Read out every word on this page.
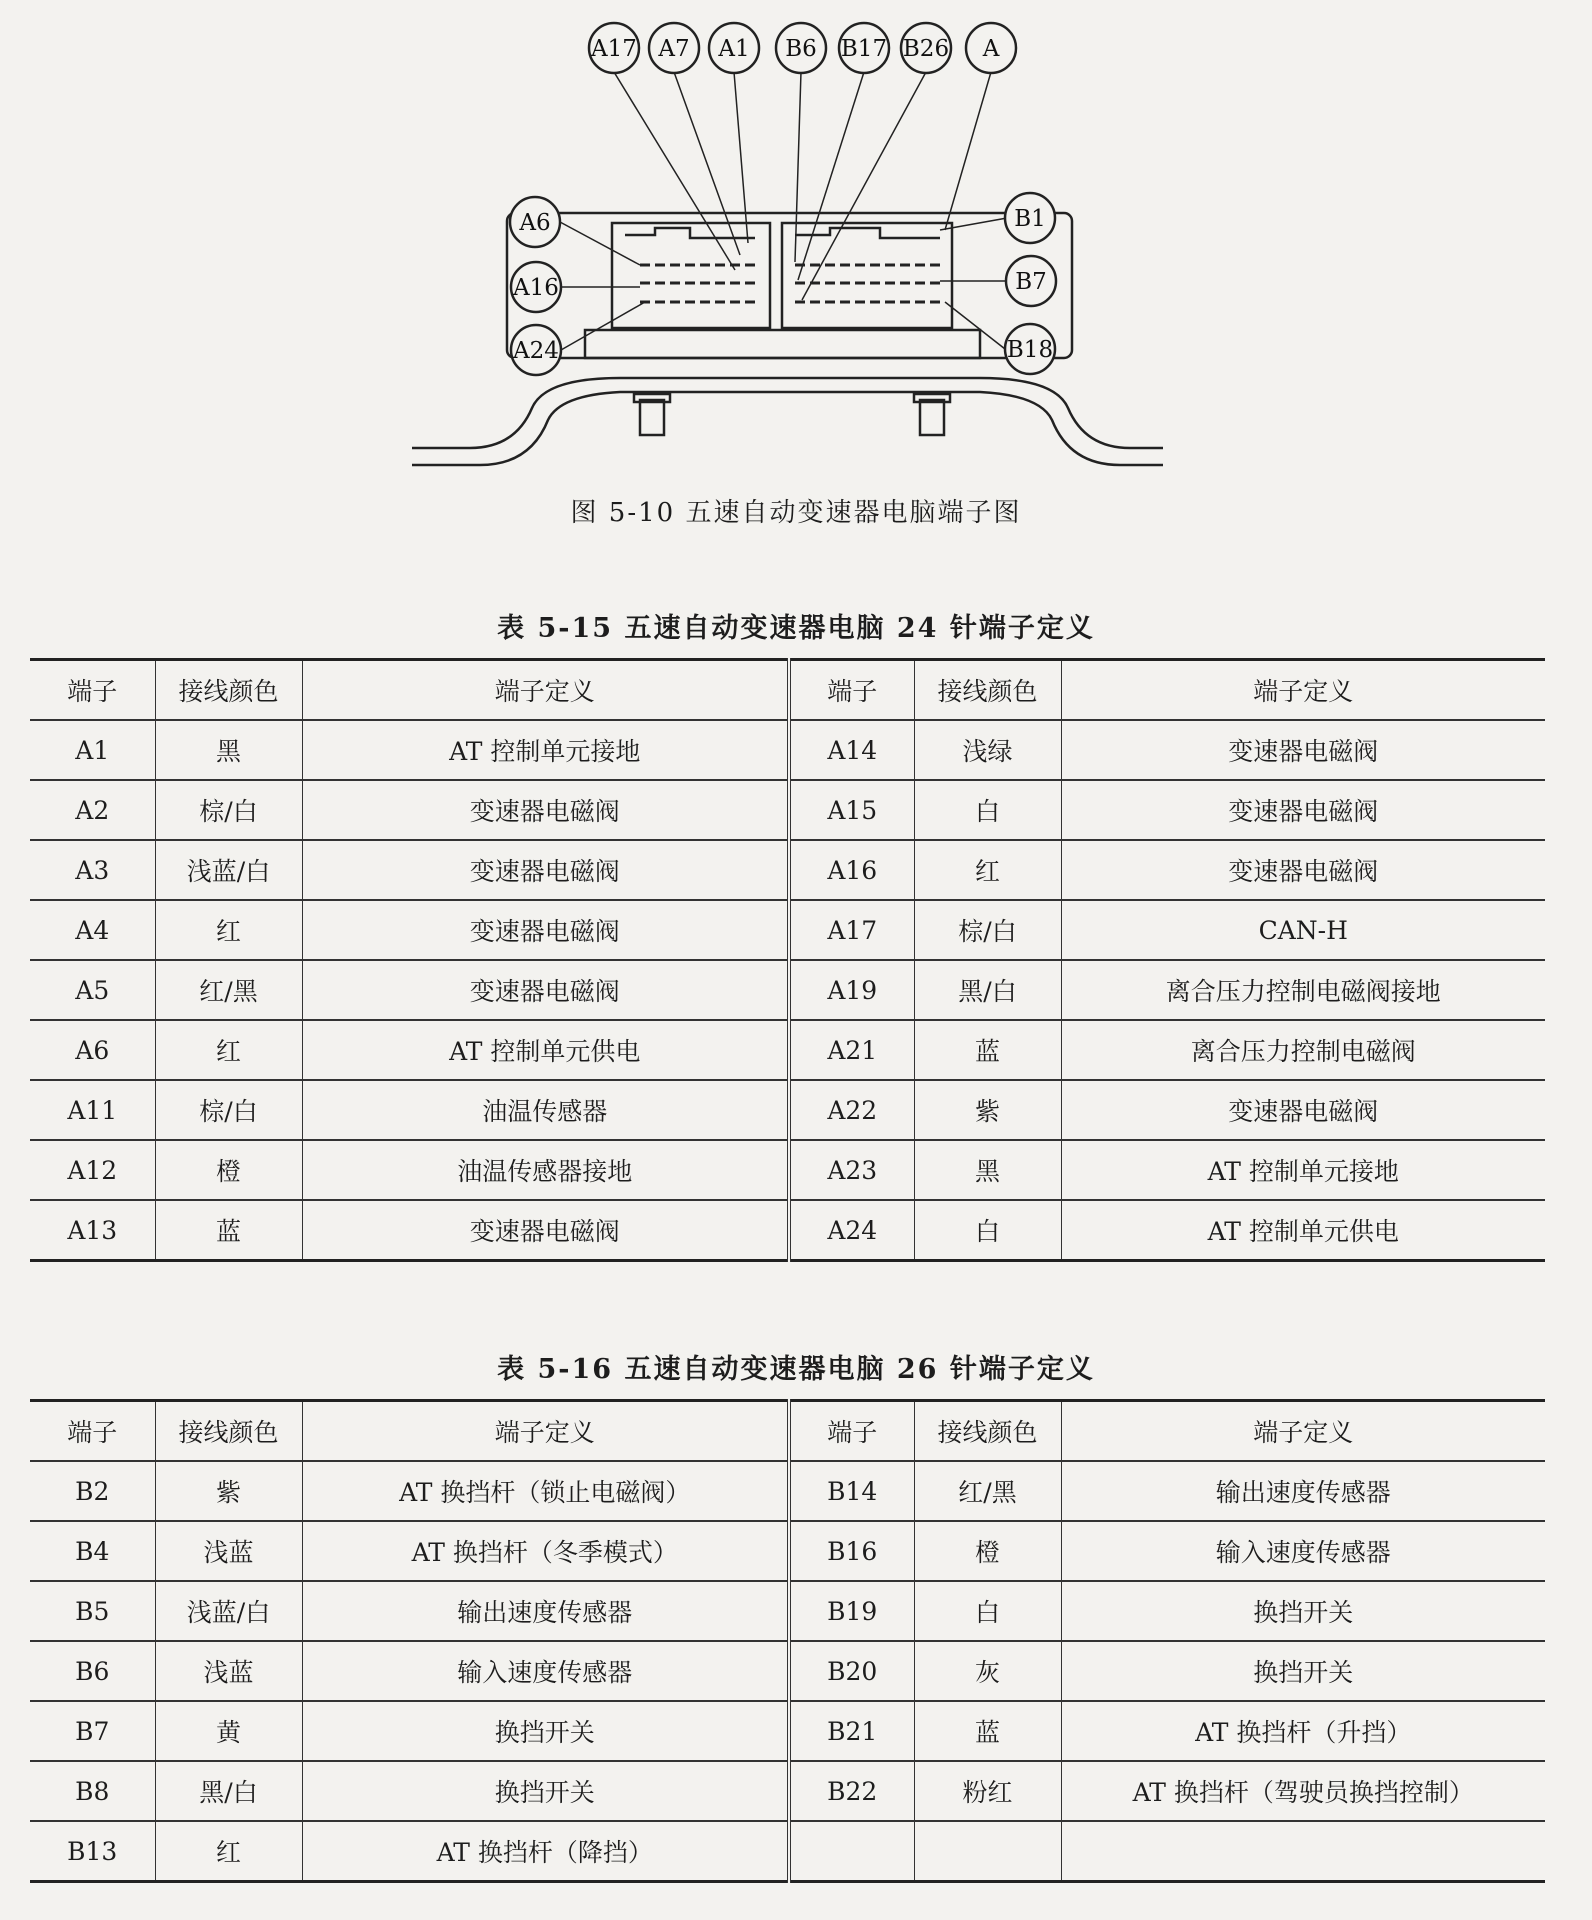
A17 A7 A1 B6 B17 B26 A
A6
A16
A24
B1
B7
B18
图 5-10 五速自动变速器电脑端子图
表 5-15 五速自动变速器电脑 24 针端子定义
端子	接线颜色	端子定义	端子	接线颜色	端子定义
A1	黑	AT 控制单元接地	A14	浅绿	变速器电磁阀
A2	棕/白	变速器电磁阀	A15	白	变速器电磁阀
A3	浅蓝/白	变速器电磁阀	A16	红	变速器电磁阀
A4	红	变速器电磁阀	A17	棕/白	CAN-H
A5	红/黑	变速器电磁阀	A19	黑/白	离合压力控制电磁阀接地
A6	红	AT 控制单元供电	A21	蓝	离合压力控制电磁阀
A11	棕/白	油温传感器	A22	紫	变速器电磁阀
A12	橙	油温传感器接地	A23	黑	AT 控制单元接地
A13	蓝	变速器电磁阀	A24	白	AT 控制单元供电
表 5-16 五速自动变速器电脑 26 针端子定义
端子	接线颜色	端子定义	端子	接线颜色	端子定义
B2	紫	AT 换挡杆（锁止电磁阀）	B14	红/黑	输出速度传感器
B4	浅蓝	AT 换挡杆（冬季模式）	B16	橙	输入速度传感器
B5	浅蓝/白	输出速度传感器	B19	白	换挡开关
B6	浅蓝	输入速度传感器	B20	灰	换挡开关
B7	黄	换挡开关	B21	蓝	AT 换挡杆（升挡）
B8	黑/白	换挡开关	B22	粉红	AT 换挡杆（驾驶员换挡控制）
B13	红	AT 换挡杆（降挡）			
